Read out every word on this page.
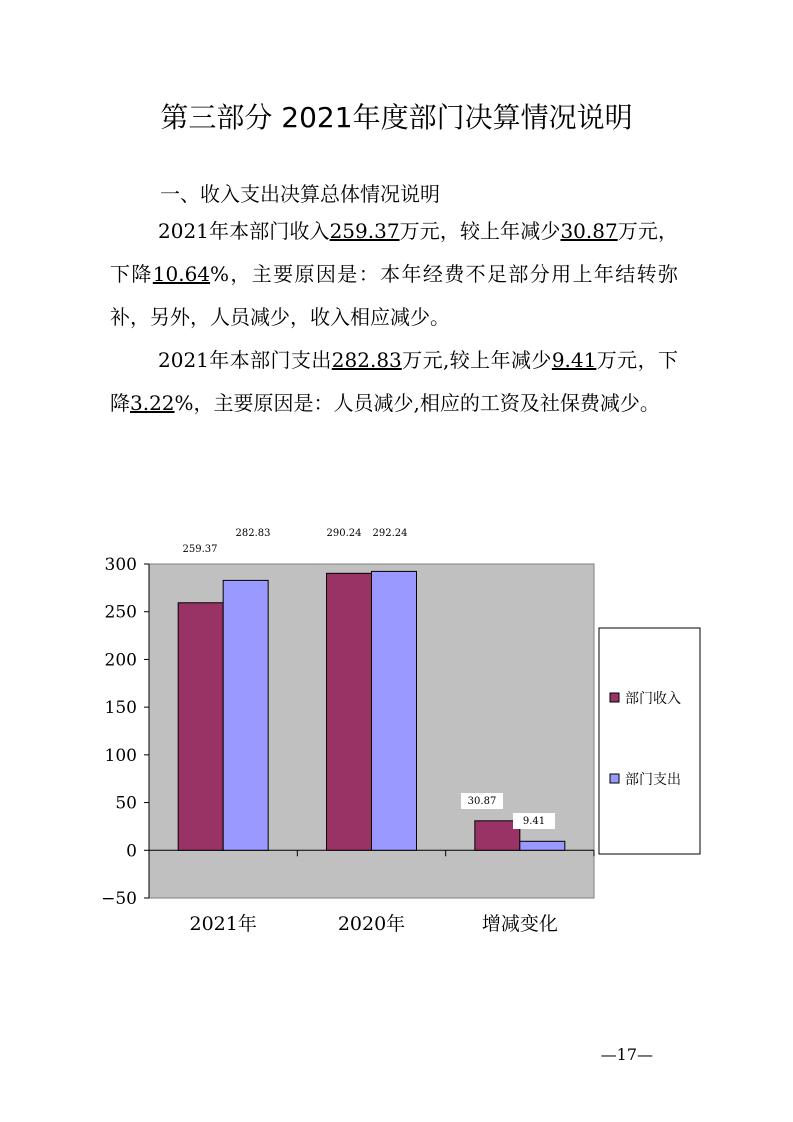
第三部分 2021年度部门决算情况说明
一、收入支出决算总体情况说明
2021年本部门收入259.37万元，较上年减少30.87万元，下降10.64%，主要原因是：本年经费不足部分用上年结转弥补，另外，人员减少，收入相应减少。
2021年本部门支出282.83万元,较上年减少9.41万元，下降3.22%，主要原因是：人员减少,相应的工资及社保费减少。
−50
0
50
100
150
200
250
300
259.37
290.24
30.87
282.83	292.24
9.41
2021年	2020年	增减变化
部门收入
部门支出
—17—
